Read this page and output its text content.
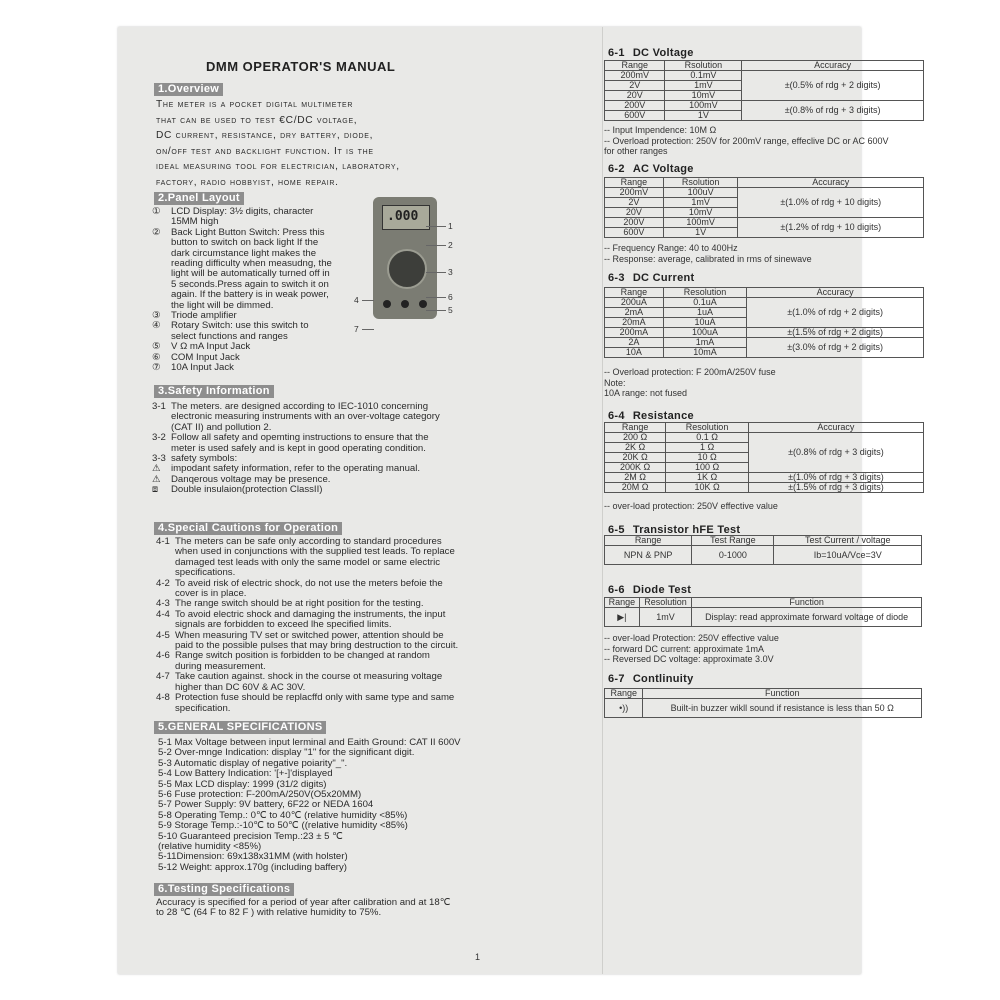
DMM OPERATOR'S MANUAL
1.Overview
The meter is a pocket digital multimeter
that can be used to test €C/DC voltage,
DC current, resistance, dry battery, diode,
on/off test and backlight function. It is the
ideal measuring tool for electrician, laboratory,
factory, radio hobbyist, home repair.
2.Panel Layout
① LCD Display: 3½ digits, character
15MM high
② Back Light Button Switch: Press this
button to switch on back light If the
dark circumstance light makes the
reading difficulty when measudng, the
light will be automatically turned off in
5 seconds.Press again to switch it on
again. If the battery is in weak power,
the light will be dimmed.
③ Triode amplifier
④ Rotary Switch: use this switch to
select functions and ranges
⑤ V Ω mA Input Jack
⑥ COM Input Jack
⑦ 10A Input Jack
.000
1
2
3
4
5
6
7
3.Safety Information
3-1 The meters. are designed according to IEC-1010 concerning
electronic measuring instruments with an over-voltage category
(CAT II) and pollution 2.
3-2 Follow all safety and opemting instructions to ensure that the
meter is used safely and is kept in good operating condition.
3-3 safety symbols:
⚠ impodant safety information, refer to the operating manual.
⚠ Danqerous voltage may be presence.
⧈ Double insulaion(protection ClassII)
4.Special Cautions for Operation
4-1 The meters can be safe only according to standard procedures
when used in conjunctions with the supplied test leads. To replace
damaged test leads with only the same model or same electric
specifications.
4-2 To aveid risk of electric shock, do not use the meters befoie the
cover is in place.
4-3 The range switch should be at right position for the testing.
4-4 To avoid electric shock and damaging the instruments, the input
signals are forbidden to exceed lhe specified limits.
4-5 When measuring TV set or switched power, attention should be
paid to the possible pulses that may bring destruction to the circuit.
4-6 Range switch position is forbidden to be changed at random
during measurement.
4-7 Take caution against. shock in the course ot measuring voltage
higher than DC 60V & AC 30V.
4-8 Protection fuse should be replacffd only with same type and same
specification.
5.GENERAL SPECIFICATIONS
5-1 Max Voltage between input lerminal and Eaith Ground: CAT II 600V
5-2 Over-mnge Indication: display "1" for the significant digit.
5-3 Automatic display of negative poiarity"_".
5-4 Low Battery Indication: '[+-]'displayed
5-5 Max LCD display: 1999 (31/2 digits)
5-6 Fuse protection: F-200mA/250V(O5x20MM)
5-7 Power Supply: 9V battery, 6F22 or NEDA 1604
5-8 Operating Temp.: 0℃ to 40℃ (relative humidity <85%)
5-9 Storage Temp.:-10℃ to 50℃ ((relative humidity <85%)
5-10 Guaranteed precision Temp.:23 ± 5 ℃
(relative humidity <85%)
5-11Dimension: 69x138x31MM (with holster)
5-12 Weight: approx.170g (including baffery)
6.Testing Specifications
Accuracy is specified for a period of year after calibration and at 18℃
to 28 ℃ (64 F to 82 F ) with relative humidity to 75%.
1
6-1 DC Voltage
Range	Rsolution	Accuracy
200mV	0.1mV	±(0.5% of rdg + 2 digits)
2V	1mV	
20V	10mV	
200V	100mV	±(0.8% of rdg + 3 digits)
600V	1V	
-- Input Impendence: 10M Ω
-- Overload protection: 250V for 200mV range, effeclive DC or AC 600V
for other ranges
6-2 AC Voltage
Range	Rsolution	Accuracy
200mV	100uV	±(1.0% of rdg + 10 digits)
2V	1mV	
20V	10mV	
200V	100mV	±(1.2% of rdg + 10 digits)
600V	1V	
-- Frequency Range: 40 to 400Hz
-- Response: average, calibrated in rms of sinewave
6-3 DC Current
Range	Resolution	Accuracy
200uA	0.1uA	±(1.0% of rdg + 2 digits)
2mA	1uA	
20mA	10uA	
200mA	100uA	±(1.5% of rdg + 2 digits)
2A	1mA	±(3.0% of rdg + 2 digits)
10A	10mA	
-- Overload protection: F 200mA/250V fuse
Note:
10A range: not fused
6-4 Resistance
Range	Resolution	Accuracy
200 Ω	0.1 Ω	±(0.8% of rdg + 3 digits)
2K Ω	1 Ω	
20K Ω	10 Ω	
200K Ω	100 Ω	
2M Ω	1K Ω	±(1.0% of rdg + 3 digits)
20M Ω	10K Ω	±(1.5% of rdg + 3 digits)
-- over-load protection: 250V effective value
6-5 Transistor hFE Test
Range	Test Range	Test Current / voltage
NPN & PNP	0-1000	Ib=10uA/Vce=3V
6-6 Diode Test
Range	Resolution	Function
▶|	1mV	Display: read approximate forward voltage of diode
-- over-load Protection: 250V effective value
-- forward DC current: approximate 1mA
-- Reversed DC voltage: approximate 3.0V
6-7 Contlinuity
Range	Function
•))	Built-in buzzer wikll sound if resistance is less than 50 Ω
